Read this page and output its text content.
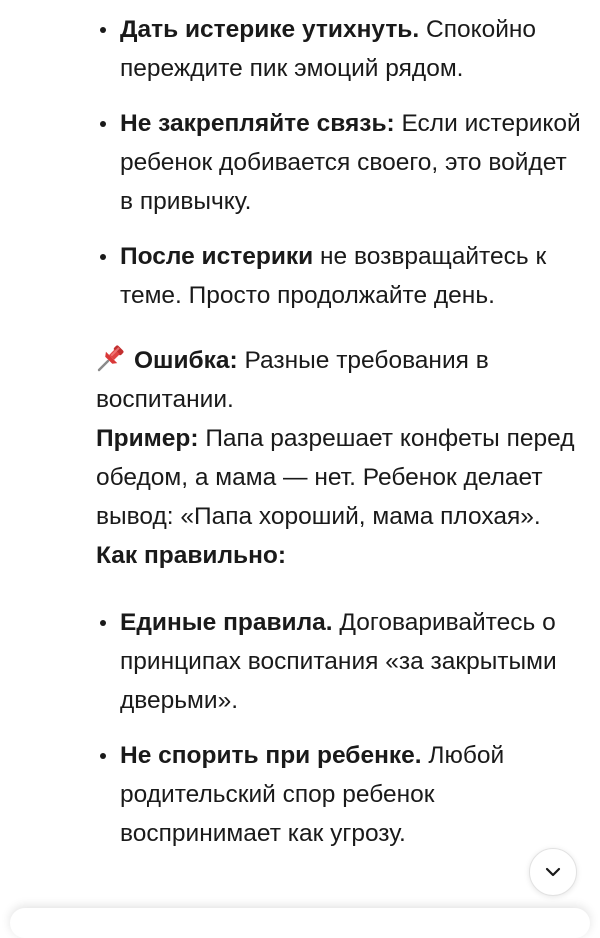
Дать истерике утихнуть. Спокойно переждите пик эмоций рядом.
Не закрепляйте связь: Если истерикой ребенок добивается своего, это войдет в привычку.
После истерики не возвращайтесь к теме. Просто продолжайте день.
Ошибка: Разные требования в воспитании.
Пример: Папа разрешает конфеты перед обедом, а мама — нет. Ребенок делает вывод: «Папа хороший, мама плохая».
Как правильно:
Единые правила. Договаривайтесь о принципах воспитания «за закрытыми дверьми».
Не спорить при ребенке. Любой родительский спор ребенок воспринимает как угрозу.
